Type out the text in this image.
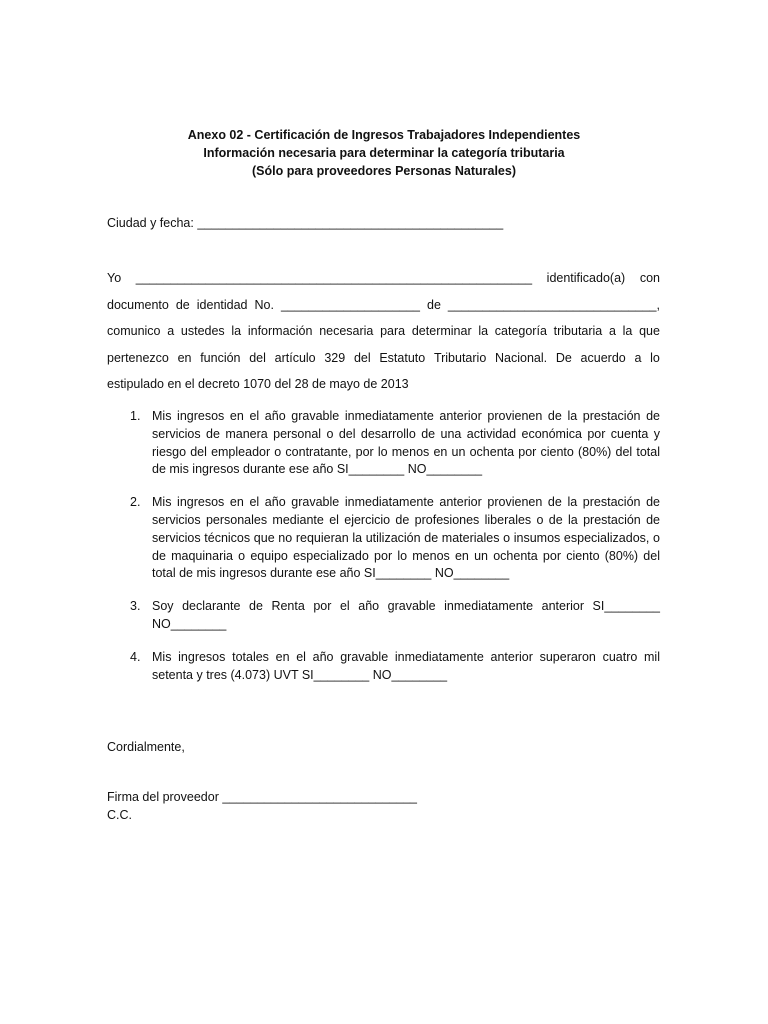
Anexo 02 - Certificación de Ingresos Trabajadores Independientes
Información necesaria para determinar la categoría tributaria
(Sólo para proveedores Personas Naturales)
Ciudad y fecha: ____________________________________________
Yo _________________________________________________________ identificado(a) con
documento de identidad No. ____________________ de ______________________________,
comunico a ustedes la información necesaria para determinar la categoría tributaria a la que
pertenezco en función del artículo 329 del Estatuto Tributario Nacional. De acuerdo a lo
estipulado en el decreto 1070 del 28 de mayo de 2013
1. Mis ingresos en el año gravable inmediatamente anterior provienen de la prestación de servicios de manera personal o del desarrollo de una actividad económica por cuenta y riesgo del empleador o contratante, por lo menos en un ochenta por ciento (80%) del total de mis ingresos durante ese año SI________ NO________
2. Mis ingresos en el año gravable inmediatamente anterior provienen de la prestación de servicios personales mediante el ejercicio de profesiones liberales o de la prestación de servicios técnicos que no requieran la utilización de materiales o insumos especializados, o de maquinaria o equipo especializado por lo menos en un ochenta por ciento (80%) del total de mis ingresos durante ese año SI________ NO________
3. Soy declarante de Renta por el año gravable inmediatamente anterior SI________ NO________
4. Mis ingresos totales en el año gravable inmediatamente anterior superaron cuatro mil setenta y tres (4.073) UVT SI________ NO________
Cordialmente,
Firma del proveedor ____________________________
C.C.
